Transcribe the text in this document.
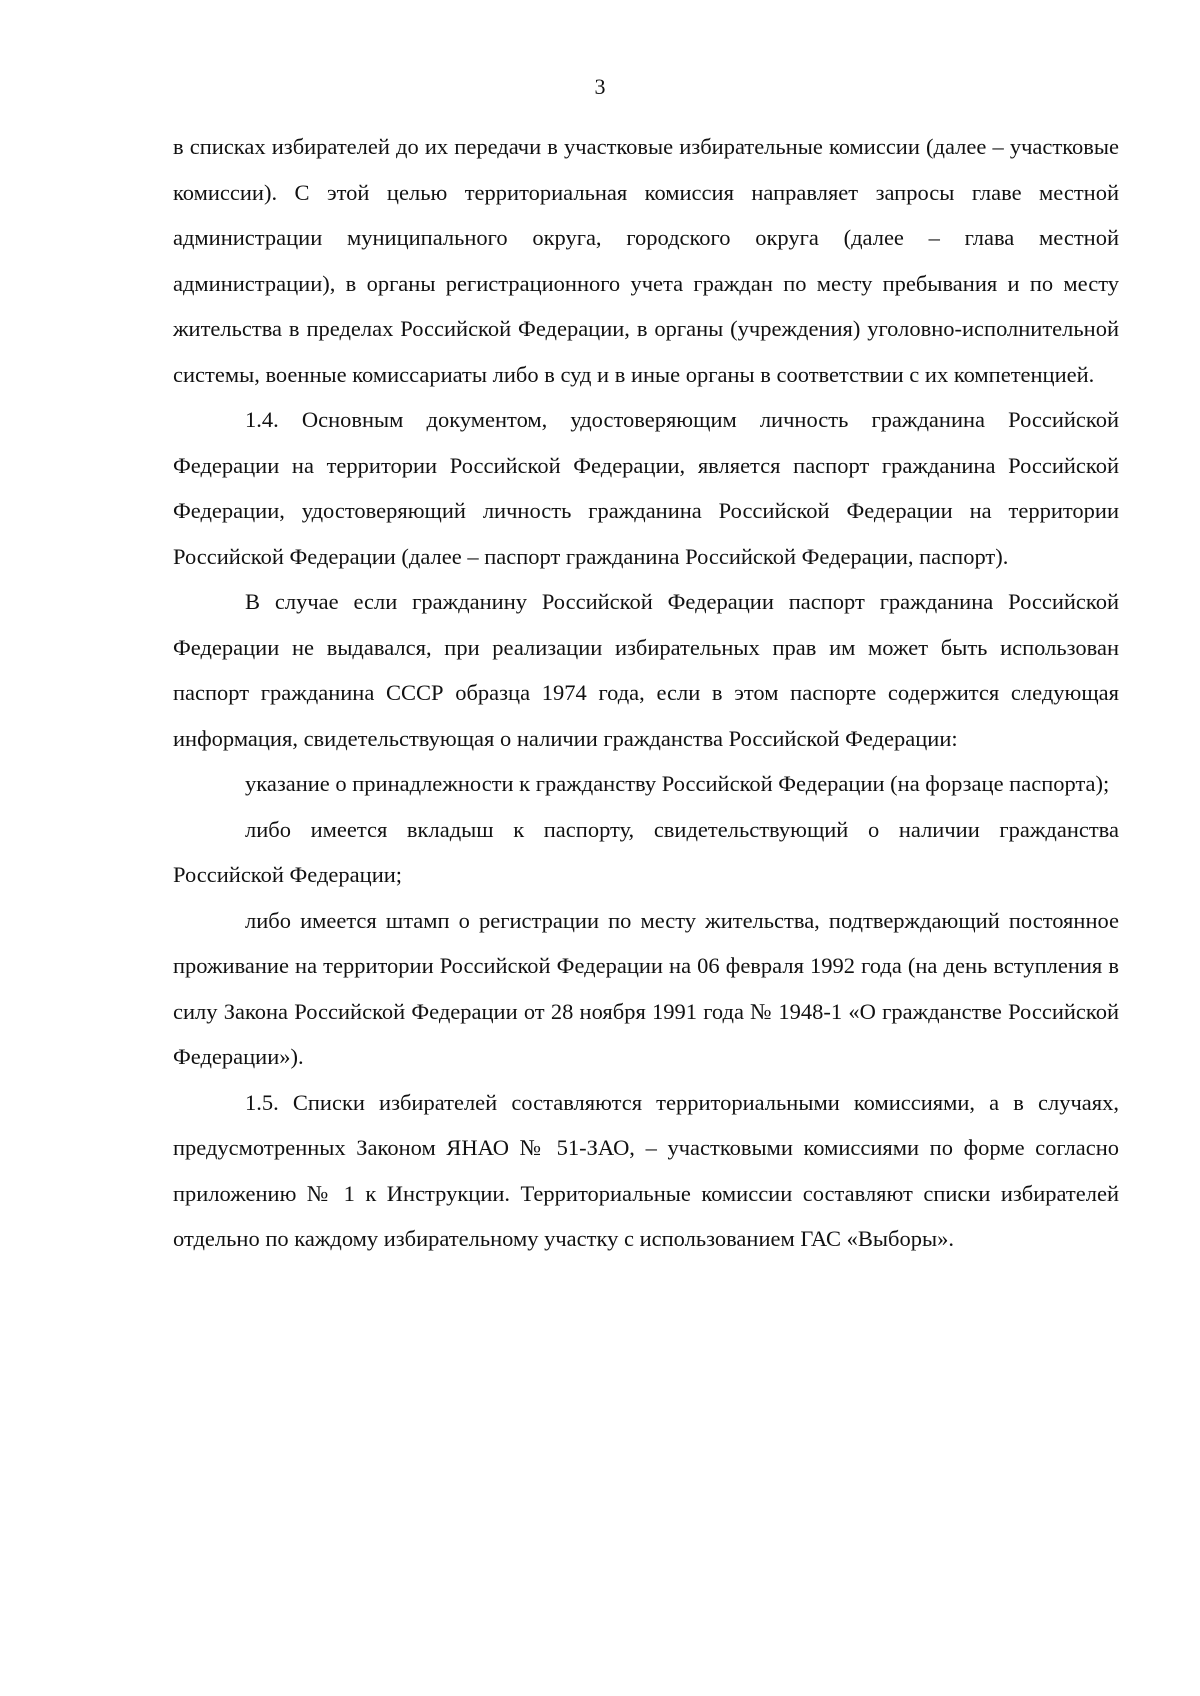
3

в списках избирателей до их передачи в участковые избирательные комиссии (далее – участковые комиссии). С этой целью территориальная комиссия направляет запросы главе местной администрации муниципального округа, городского округа (далее – глава местной администрации), в органы регистрационного учета граждан по месту пребывания и по месту жительства в пределах Российской Федерации, в органы (учреждения) уголовно-исполнительной системы, военные комиссариаты либо в суд и в иные органы в соответствии с их компетенцией.

1.4. Основным документом, удостоверяющим личность гражданина Российской Федерации на территории Российской Федерации, является паспорт гражданина Российской Федерации, удостоверяющий личность гражданина Российской Федерации на территории Российской Федерации (далее – паспорт гражданина Российской Федерации, паспорт).

В случае если гражданину Российской Федерации паспорт гражданина Российской Федерации не выдавался, при реализации избирательных прав им может быть использован паспорт гражданина СССР образца 1974 года, если в этом паспорте содержится следующая информация, свидетельствующая о наличии гражданства Российской Федерации:

указание о принадлежности к гражданству Российской Федерации (на форзаце паспорта);

либо имеется вкладыш к паспорту, свидетельствующий о наличии гражданства Российской Федерации;

либо имеется штамп о регистрации по месту жительства, подтверждающий постоянное проживание на территории Российской Федерации на 06 февраля 1992 года (на день вступления в силу Закона Российской Федерации от 28 ноября 1991 года № 1948-1 «О гражданстве Российской Федерации»).

1.5. Списки избирателей составляются территориальными комиссиями, а в случаях, предусмотренных Законом ЯНАО № 51-ЗАО, – участковыми комиссиями по форме согласно приложению № 1 к Инструкции. Территориальные комиссии составляют списки избирателей отдельно по каждому избирательному участку с использованием ГАС «Выборы».
